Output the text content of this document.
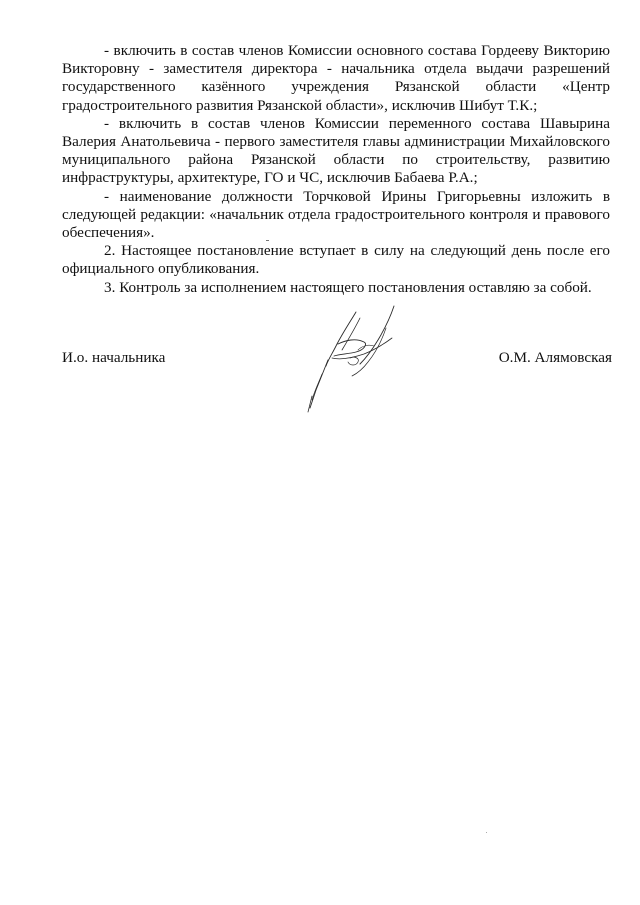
- включить в состав членов Комиссии основного состава Гордееву Викторию Викторовну - заместителя директора - начальника отдела выдачи разрешений государственного казённого учреждения Рязанской области «Центр градостроительного развития Рязанской области», исключив Шибут Т.К.;

- включить в состав членов Комиссии переменного состава Шавырина Валерия Анатольевича - первого заместителя главы администрации Михайловского муниципального района Рязанской области по строительству, развитию инфраструктуры, архитектуре, ГО и ЧС, исключив Бабаева Р.А.;

- наименование должности Торчковой Ирины Григорьевны изложить в следующей редакции: «начальник отдела градостроительного контроля и правового обеспечения».

2. Настоящее постановление вступает в силу на следующий день после его официального опубликования.

3. Контроль за исполнением настоящего постановления оставляю за собой.

И.о. начальника	О.М. Алямовская
